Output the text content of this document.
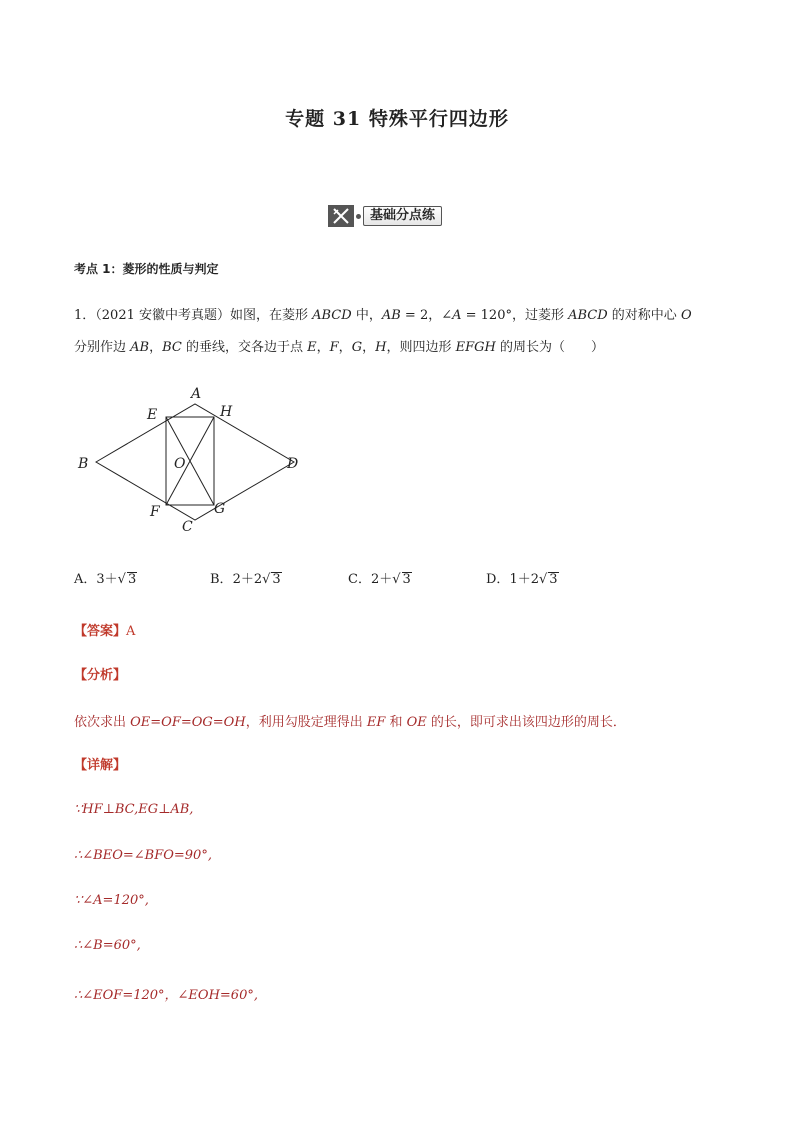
专题 31 特殊平行四边形
基础分点练
考点 1：菱形的性质与判定
1．（2021 安徽中考真题）如图，在菱形 ABCD 中，AB = 2，∠A = 120°，过菱形 ABCD 的对称中心 O
分别作边 AB，BC 的垂线，交各边于点 E，F，G，H，则四边形 EFGH 的周长为（　　）
A
B
C
D
E
F	G
H
O
A．3＋√ 3	B．2＋2√ 3	C．2＋√ 3	D．1＋2√ 3
【答案】A
【分析】
依次求出 OE=OF=OG=OH，利用勾股定理得出 EF 和 OE 的长，即可求出该四边形的周长．
【详解】
∵HF⊥BC,EG⊥AB,
∴∠BEO=∠BFO=90°,
∵∠A=120°,
∴∠B=60°,
∴∠EOF=120°，∠EOH=60°,
